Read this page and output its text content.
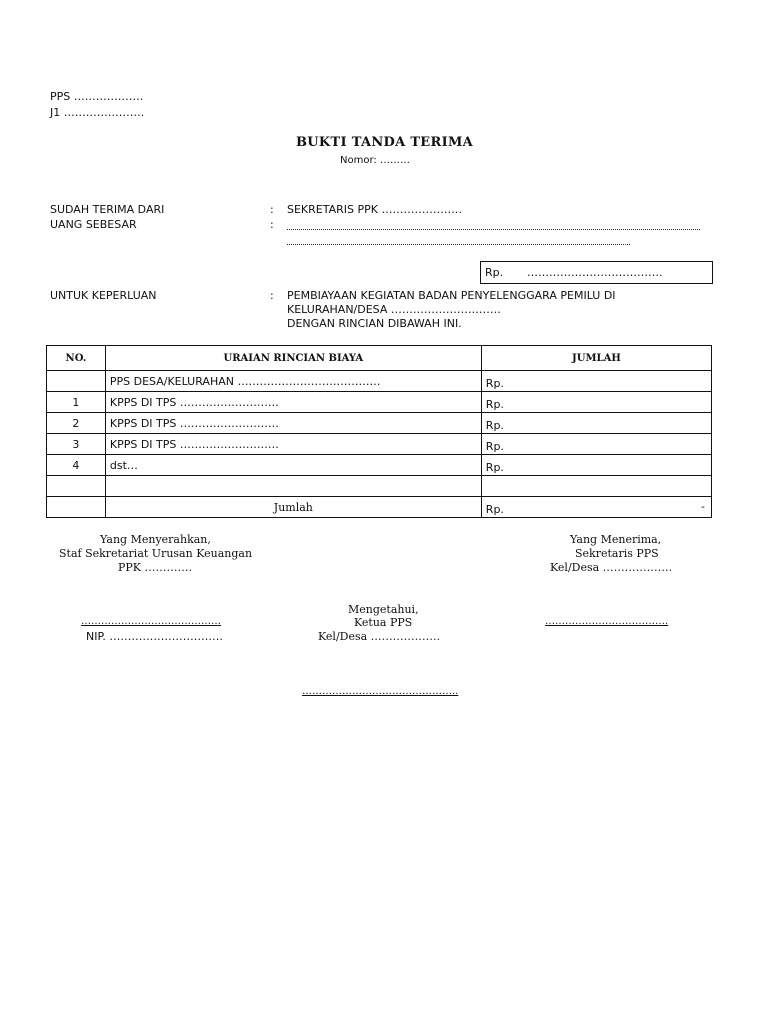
PPS ……………….
J1 ………………….
BUKTI TANDA TERIMA
Nomor: ………
SUDAH TERIMA DARI	: SEKRETARIS PPK ………………….
UANG SEBESAR	:
Rp. ……………………………….
UNTUK KEPERLUAN	: PEMBIAYAAN KEGIATAN BADAN PENYELENGGARA PEMILU DI
KELURAHAN/DESA …………………………
DENGAN RINCIAN DIBAWAH INI.
NO.	URAIAN RINCIAN BIAYA	JUMLAH
	PPS DESA/KELURAHAN …………………………………	Rp.
1	KPPS DI TPS ………………………	Rp.
2	KPPS DI TPS ………………………	Rp.
3	KPPS DI TPS ………………………	Rp.
4	dst…	Rp.

	Jumlah	Rp. -
Yang Menyerahkan,
Staf Sekretariat Urusan Keuangan
PPK ………….
Yang Menerima,
Sekretaris PPS
Kel/Desa ……………….
Mengetahui,
Ketua PPS
Kel/Desa ……………….
……………………………………
NIP. ………………………….
……………………………….
………………………………………..
